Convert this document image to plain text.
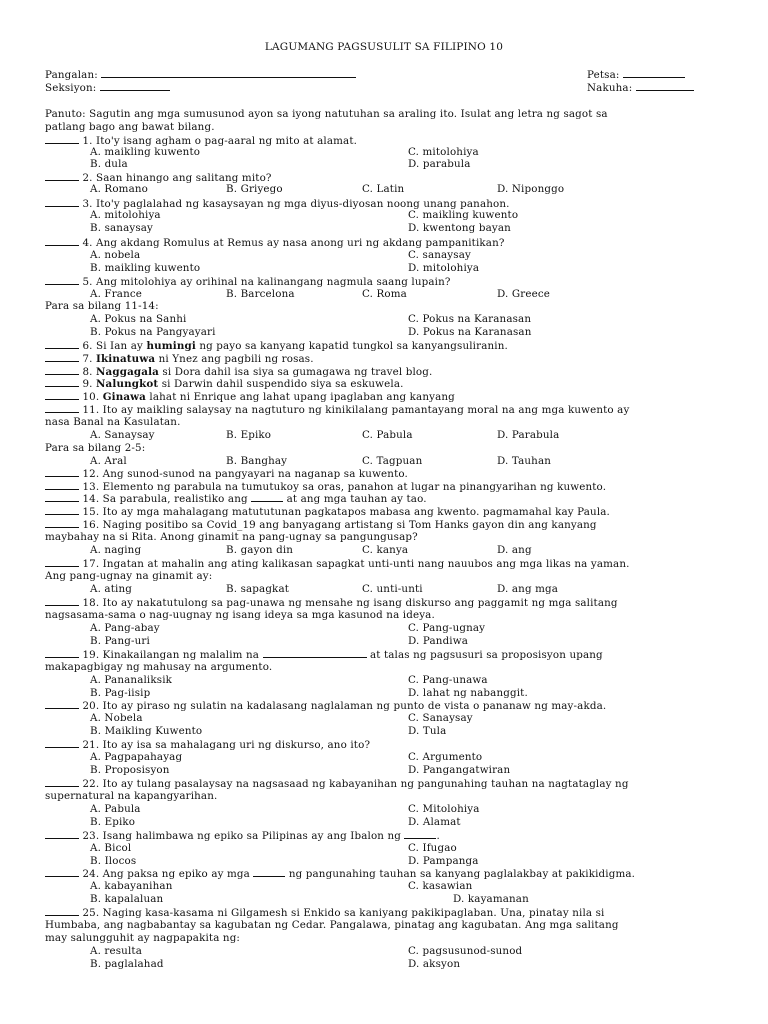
LAGUMANG PAGSUSULIT SA FILIPINO 10
Pangalan:	Petsa:
Seksiyon:	Nakuha:
Panuto: Sagutin ang mga sumusunod ayon sa iyong natutuhan sa araling ito. Isulat ang letra ng sagot sa
patlang bago ang bawat bilang.
1. Ito'y isang agham o pag-aaral ng mito at alamat.
A. maikling kuwento	C. mitolohiya
B. dula	D. parabula
2. Saan hinango ang salitang mito?
A. Romano	B. Griyego	C. Latin	D. Niponggo
3. Ito'y paglalahad ng kasaysayan ng mga diyus-diyosan noong unang panahon.
A. mitolohiya	C. maikling kuwento
B. sanaysay	D. kwentong bayan
4. Ang akdang Romulus at Remus ay nasa anong uri ng akdang pampanitikan?
A. nobela	C. sanaysay
B. maikling kuwento	D. mitolohiya
5. Ang mitolohiya ay orihinal na kalinangang nagmula saang lupain?
A. France	B. Barcelona	C. Roma	D. Greece
Para sa bilang 11-14:
A. Pokus na Sanhi	C. Pokus na Karanasan
B. Pokus na Pangyayari	D. Pokus na Karanasan
6. Si Ian ay humingi ng payo sa kanyang kapatid tungkol sa kanyangsuliranin.
7. Ikinatuwa ni Ynez ang pagbili ng rosas.
8. Naggagala si Dora dahil isa siya sa gumagawa ng travel blog.
9. Nalungkot si Darwin dahil suspendido siya sa eskuwela.
10. Ginawa lahat ni Enrique ang lahat upang ipaglaban ang kanyang
11. Ito ay maikling salaysay na nagtuturo ng kinikilalang pamantayang moral na ang mga kuwento ay
nasa Banal na Kasulatan.
A. Sanaysay	B. Epiko	C. Pabula	D. Parabula
Para sa bilang 2-5:
A. Aral	B. Banghay	C. Tagpuan	D. Tauhan
12. Ang sunod-sunod na pangyayari na naganap sa kuwento.
13. Elemento ng parabula na tumutukoy sa oras, panahon at lugar na pinangyarihan ng kuwento.
14. Sa parabula, realistiko ang	at ang mga tauhan ay tao.
15. Ito ay mga mahalagang matututunan pagkatapos mabasa ang kwento. pagmamahal kay Paula.
16. Naging positibo sa Covid_19 ang banyagang artistang si Tom Hanks gayon din ang kanyang
maybahay na si Rita. Anong ginamit na pang-ugnay sa pangungusap?
A. naging	B. gayon din	C. kanya	D. ang
17. Ingatan at mahalin ang ating kalikasan sapagkat unti-unti nang nauubos ang mga likas na yaman.
Ang pang-ugnay na ginamit ay:
A. ating	B. sapagkat	C. unti-unti	D. ang mga
18. Ito ay nakatutulong sa pag-unawa ng mensahe ng isang diskurso ang paggamit ng mga salitang
nagsasama-sama o nag-uugnay ng isang ideya sa mga kasunod na ideya.
A. Pang-abay	C. Pang-ugnay
B. Pang-uri	D. Pandiwa
19. Kinakailangan ng malalim na	at talas ng pagsusuri sa proposisyon upang
makapagbigay ng mahusay na argumento.
A. Pananaliksik	C. Pang-unawa
B. Pag-iisip	D. lahat ng nabanggit.
20. Ito ay piraso ng sulatin na kadalasang naglalaman ng punto de vista o pananaw ng may-akda.
A. Nobela	C. Sanaysay
B. Maikling Kuwento	D. Tula
21. Ito ay isa sa mahalagang uri ng diskurso, ano ito?
A. Pagpapahayag	C. Argumento
B. Proposisyon	D. Pangangatwiran
22. Ito ay tulang pasalaysay na nagsasaad ng kabayanihan ng pangunahing tauhan na nagtataglay ng
supernatural na kapangyarihan.
A. Pabula	C. Mitolohiya
B. Epiko	D. Alamat
23. Isang halimbawa ng epiko sa Pilipinas ay ang Ibalon ng	.
A. Bicol	C. Ifugao
B. Ilocos	D. Pampanga
24. Ang paksa ng epiko ay mga	ng pangunahing tauhan sa kanyang paglalakbay at pakikidigma.
A. kabayanihan	C. kasawian
B. kapalaluan	D. kayamanan
25. Naging kasa-kasama ni Gilgamesh si Enkido sa kaniyang pakikipaglaban. Una, pinatay nila si
Humbaba, ang nagbabantay sa kagubatan ng Cedar. Pangalawa, pinatag ang kagubatan. Ang mga salitang
may salungguhit ay nagpapakita ng:
A. resulta	C. pagsusunod-sunod
B. paglalahad	D. aksyon
